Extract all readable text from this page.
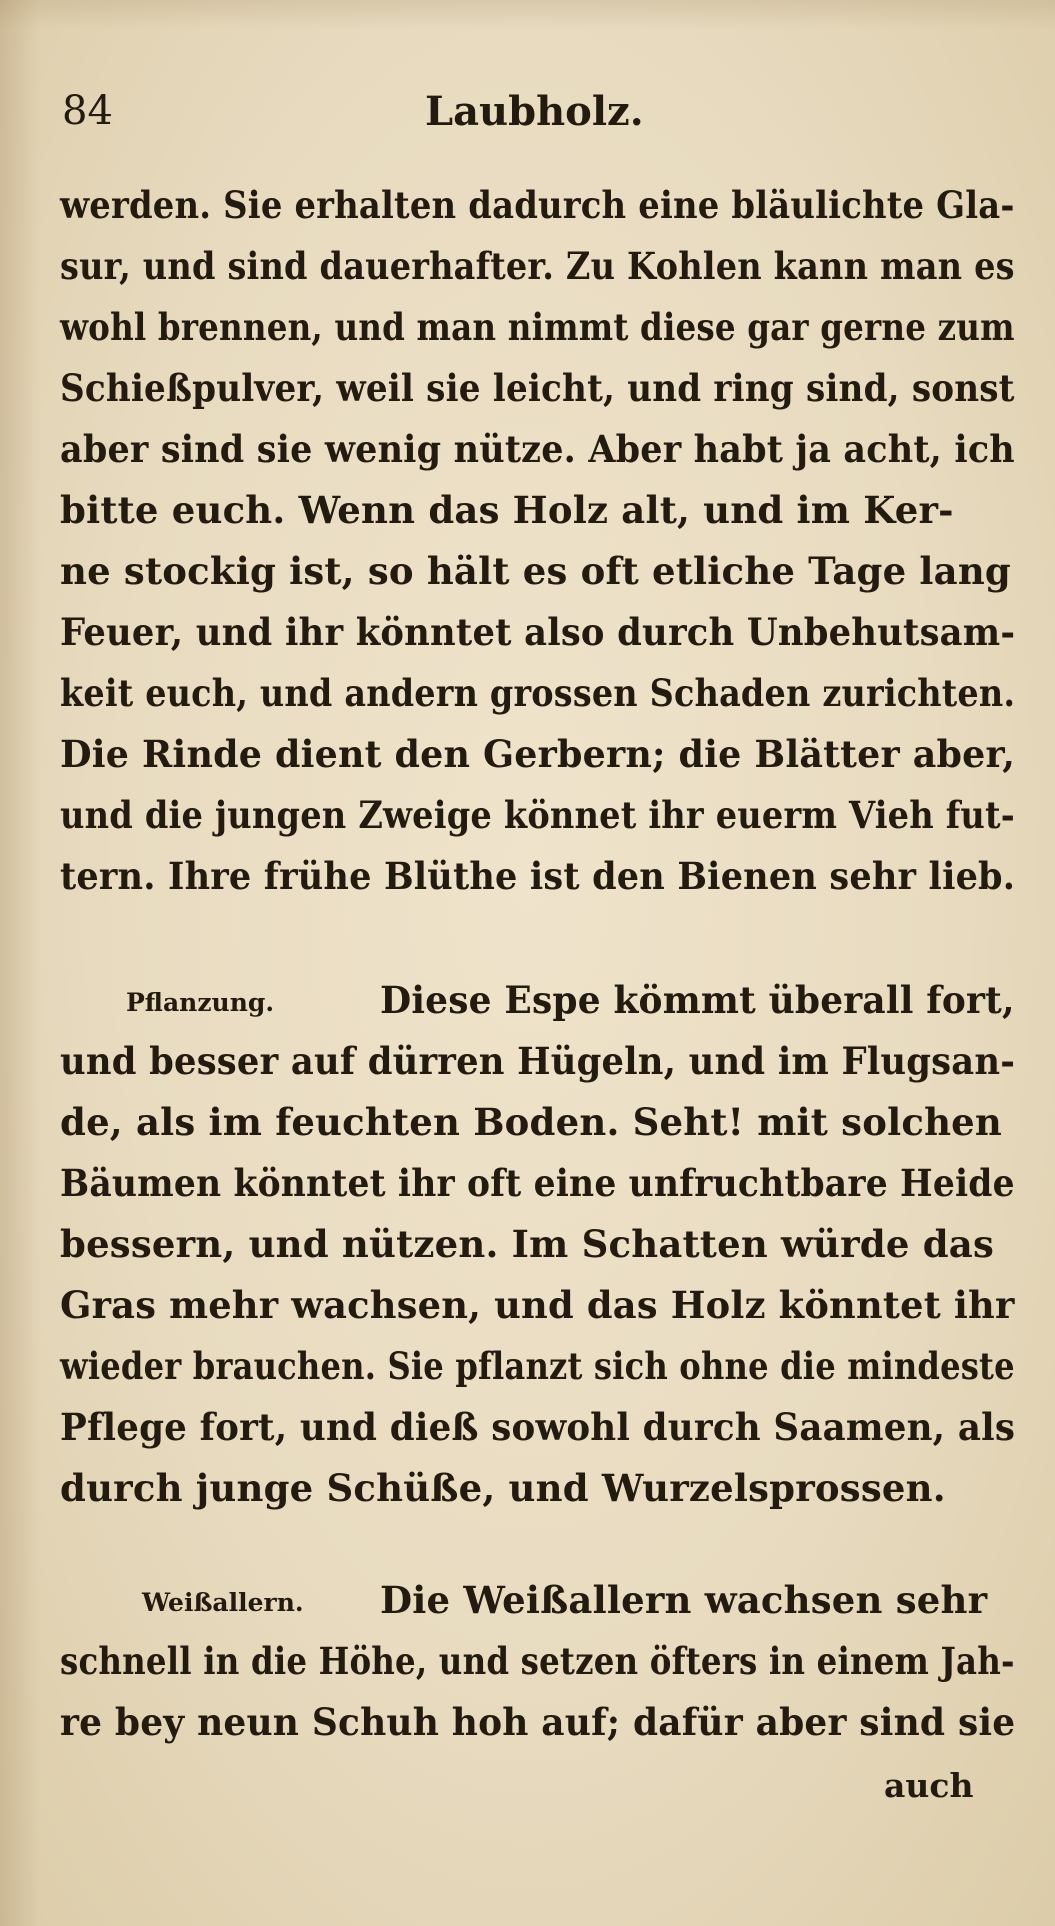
84	Laubholz.
werden. Sie erhalten dadurch eine bläulichte Gla-
sur, und sind dauerhafter. Zu Kohlen kann man es
wohl brennen, und man nimmt diese gar gerne zum
Schießpulver, weil sie leicht, und ring sind, sonst
aber sind sie wenig nütze. Aber habt ja acht, ich
bitte euch. Wenn das Holz alt, und im Ker-
ne stockig ist, so hält es oft etliche Tage lang
Feuer, und ihr könntet also durch Unbehutsam-
keit euch, und andern grossen Schaden zurichten.
Die Rinde dient den Gerbern; die Blätter aber,
und die jungen Zweige könnet ihr euerm Vieh fut-
tern. Ihre frühe Blüthe ist den Bienen sehr lieb.
Pflanzung.	Diese Espe kömmt überall fort,
und besser auf dürren Hügeln, und im Flugsan-
de, als im feuchten Boden. Seht! mit solchen
Bäumen könntet ihr oft eine unfruchtbare Heide
bessern, und nützen. Im Schatten würde das
Gras mehr wachsen, und das Holz könntet ihr
wieder brauchen. Sie pflanzt sich ohne die mindeste
Pflege fort, und dieß sowohl durch Saamen, als
durch junge Schüße, und Wurzelsprossen.
Weißallern. Die Weißallern wachsen sehr
schnell in die Höhe, und setzen öfters in einem Jah-
re bey neun Schuh hoh auf; dafür aber sind sie
auch
